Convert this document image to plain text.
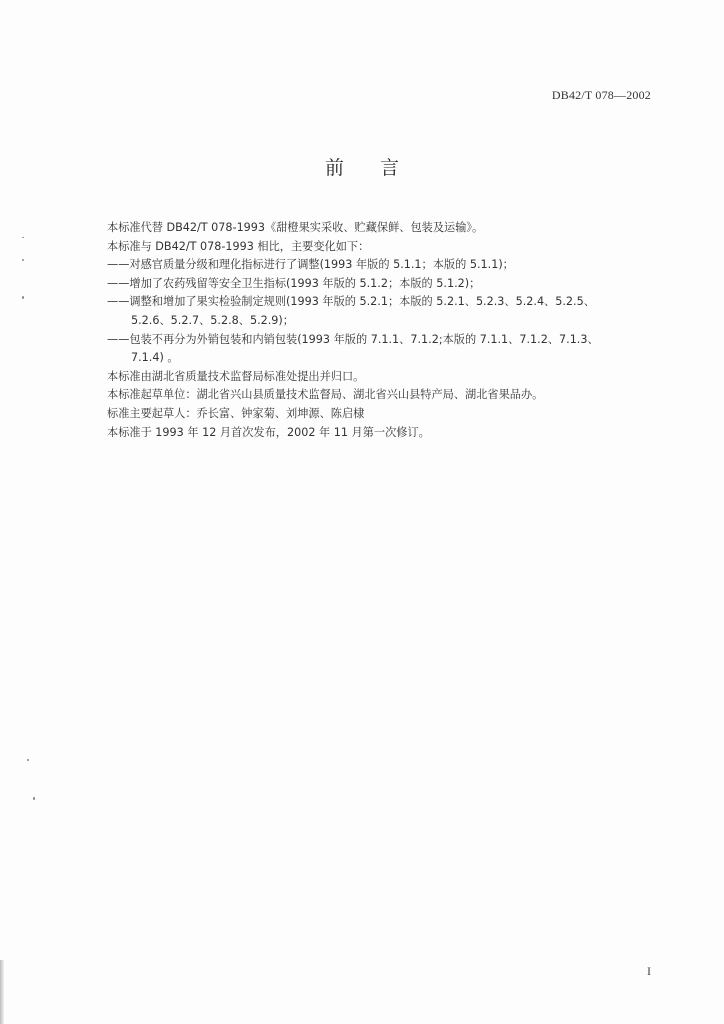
DB42/T 078—2002
前言

本标准代替 DB42/T 078-1993《甜橙果实采收、贮藏保鲜、包装及运输》。

本标准与 DB42/T 078-1993 相比，主要变化如下：

——对感官质量分级和理化指标进行了调整(1993 年版的 5.1.1；本版的 5.1.1)；

——增加了农药残留等安全卫生指标(1993 年版的 5.1.2；本版的 5.1.2)；

——调整和增加了果实检验制定规则(1993 年版的 5.2.1；本版的 5.2.1、5.2.3、5.2.4、5.2.5、

5.2.6、5.2.7、5.2.8、5.2.9)；

——包装不再分为外销包装和内销包装(1993 年版的 7.1.1、7.1.2;本版的 7.1.1、7.1.2、7.1.3、

7.1.4) 。

本标准由湖北省质量技术监督局标准处提出并归口。

本标准起草单位：湖北省兴山县质量技术监督局、湖北省兴山县特产局、湖北省果品办。

标准主要起草人：乔长富、钟家菊、刘坤源、陈启棣

本标准于 1993 年 12 月首次发布，2002 年 11 月第一次修订。

I
